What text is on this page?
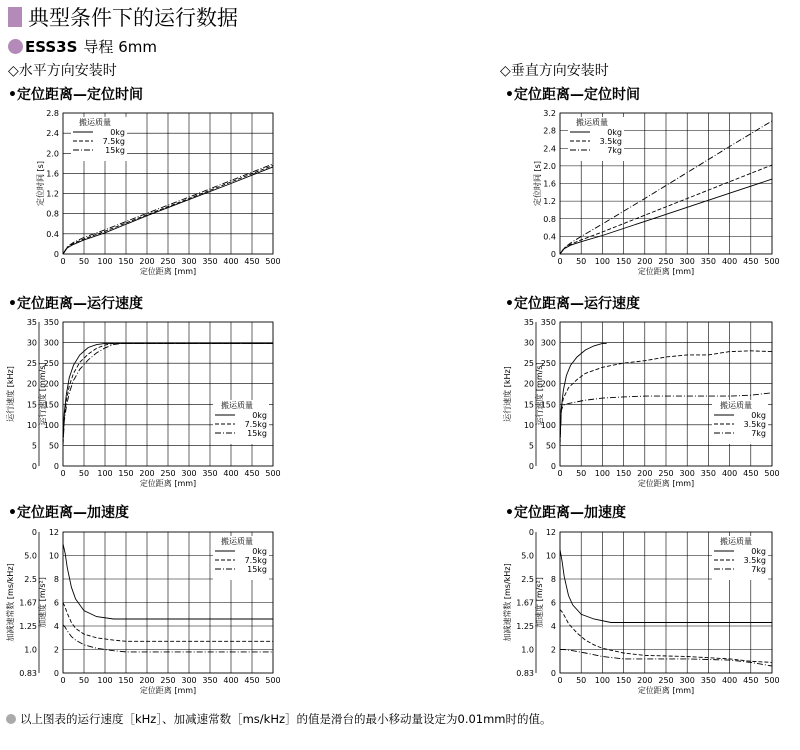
典型条件下的运行数据
ESS3S 导程 6mm
◇水平方向安装时	◇垂直方向安装时
•定位距离—定位时间	•定位距离—定位时间
•定位距离—运行速度	•定位距离—运行速度
•定位距离—加速度	•定位距离—加速度
0 50 100 150 200 250 300 350 400 450 500
0
0.4
0.8
1.2
1.6
2.0
2.4
2.8
定位距离 [mm]
定位时间 [s]
搬运质量
0kg
7.5kg
15kg
0 50 100 150 200 250 300 350 400 450 500
0
0.4
0.8
1.2
1.6
2.0
2.4
2.8
3.2
定位距离 [mm]
定位时间 [s]
搬运质量
0kg
3.5kg
7kg
0 50 100 150 200 250 300 350 400 450 500
0
0
50
5
100
10
150
15
200
20
250
25
300
30
350
35
定位距离 [mm]
运行速度 [mm/s]
运行速度 [kHz]	搬运质量
0kg
7.5kg
15kg
0 50 100 150 200 250 300 350 400 450 500
0
0
50
5
100
10
150
15
200
20
250
25
300
30
350
35
定位距离 [mm]
运行速度 [mm/s]
运行速度 [kHz]	搬运质量
0kg
3.5kg
7kg
0 50 100 150 200 250 300 350 400 450 500
0
0.83
2
1.0
4
1.25
6
1.67
8
2.5
10
5.0
12
0
定位距离 [mm]
加速度 [m/s²]
加减速常数 [ms/kHz]
搬运质量
0kg
7.5kg
15kg
0 50 100 150 200 250 300 350 400 450 500
0
0.83
2
1.0
4
1.25
6
1.67
8
2.5
10
5.0
12
0
定位距离 [mm]
加速度 [m/s²]
加减速常数 [ms/kHz]
搬运质量
0kg
3.5kg
7kg
以上图表的运行速度［kHz］、加减速常数［ms/kHz］的值是滑台的最小移动量设定为0.01mm时的值。
